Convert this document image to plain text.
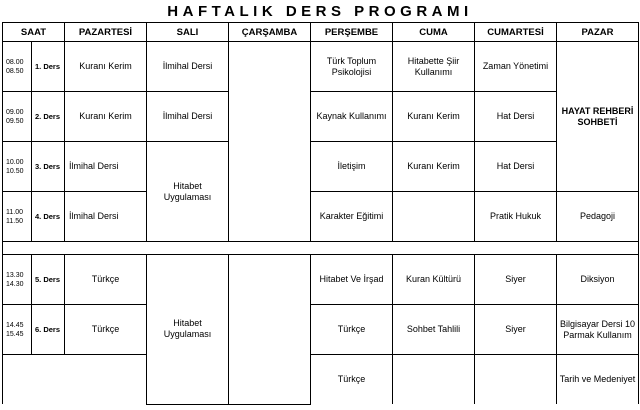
HAFTALIK DERS PROGRAMI
SAAT		PAZARTESİ	SALI	ÇARŞAMBA	PERŞEMBE	CUMA	CUMARTESİ	PAZAR
08.00
08.50	1. Ders	Kuranı Kerim	İlmihal Dersi		Türk Toplum Psikolojisi	Hitabette Şiir Kullanımı	Zaman Yönetimi	HAYAT REHBERİ SOHBETİ
09.00
09.50	2. Ders	Kuranı Kerim	İlmihal Dersi		Kaynak Kullanımı	Kuranı Kerim	Hat Dersi	
10.00
10.50	3. Ders	İlmihal Dersi	Hitabet Uygulaması		İletişim	Kuranı Kerim	Hat Dersi	
11.00
11.50	4. Ders	İlmihal Dersi			Karakter Eğitimi		Pratik Hukuk	Pedagoji

13.30
14.30	5. Ders	Türkçe	Hitabet Uygulaması		Hitabet Ve İrşad	Kuran Kültürü	Siyer	Diksiyon
14.45
15.45	6. Ders	Türkçe			Türkçe	Sohbet Tahlili	Siyer	Bilgisayar Dersi 10 Parmak Kullanım
					Türkçe			Tarih ve Medeniyet
